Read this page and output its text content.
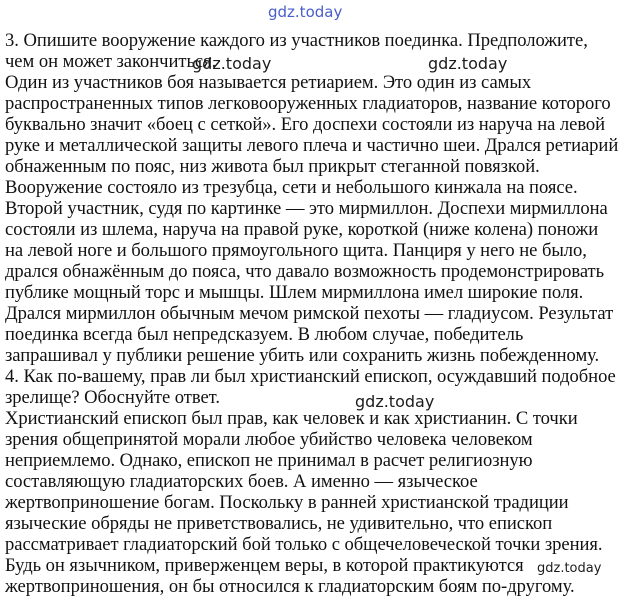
gdz.today
3. Опишите вооружение каждого из участников поединка. Предположите,
чем он может закончиться.
Один из участников боя называется ретиарием. Это один из самых
распространенных типов легковооруженных гладиаторов, название которого
буквально значит «боец с сеткой». Его доспехи состояли из наруча на левой
руке и металлической защиты левого плеча и частично шеи. Дрался ретиарий
обнаженным по пояс, низ живота был прикрыт стеганной повязкой.
Вооружение состояло из трезубца, сети и небольшого кинжала на поясе.
Второй участник, судя по картинке — это мирмиллон. Доспехи мирмиллона
состояли из шлема, наруча на правой руке, короткой (ниже колена) поножи
на левой ноге и большого прямоугольного щита. Панциря у него не было,
дрался обнажённым до пояса, что давало возможность продемонстрировать
публике мощный торс и мышцы. Шлем мирмиллона имел широкие поля.
Дрался мирмиллон обычным мечом римской пехоты — гладиусом. Результат
поединка всегда был непредсказуем. В любом случае, победитель
запрашивал у публики решение убить или сохранить жизнь побежденному.
4. Как по-вашему, прав ли был христианский епископ, осуждавший подобное
зрелище? Обоснуйте ответ.
Христианский епископ был прав, как человек и как христианин. С точки
зрения общепринятой морали любое убийство человека человеком
неприемлемо. Однако, епископ не принимал в расчет религиозную
составляющую гладиаторских боев. А именно — языческое
жертвоприношение богам. Поскольку в ранней христианской традиции
языческие обряды не приветствовались, не удивительно, что епископ
рассматривает гладиаторский бой только с общечеловеческой точки зрения.
Будь он язычником, приверженцем веры, в которой практикуются
жертвоприношения, он бы относился к гладиаторским боям по-другому.
gdz.today	gdz.today
gdz.today
gdz.today
